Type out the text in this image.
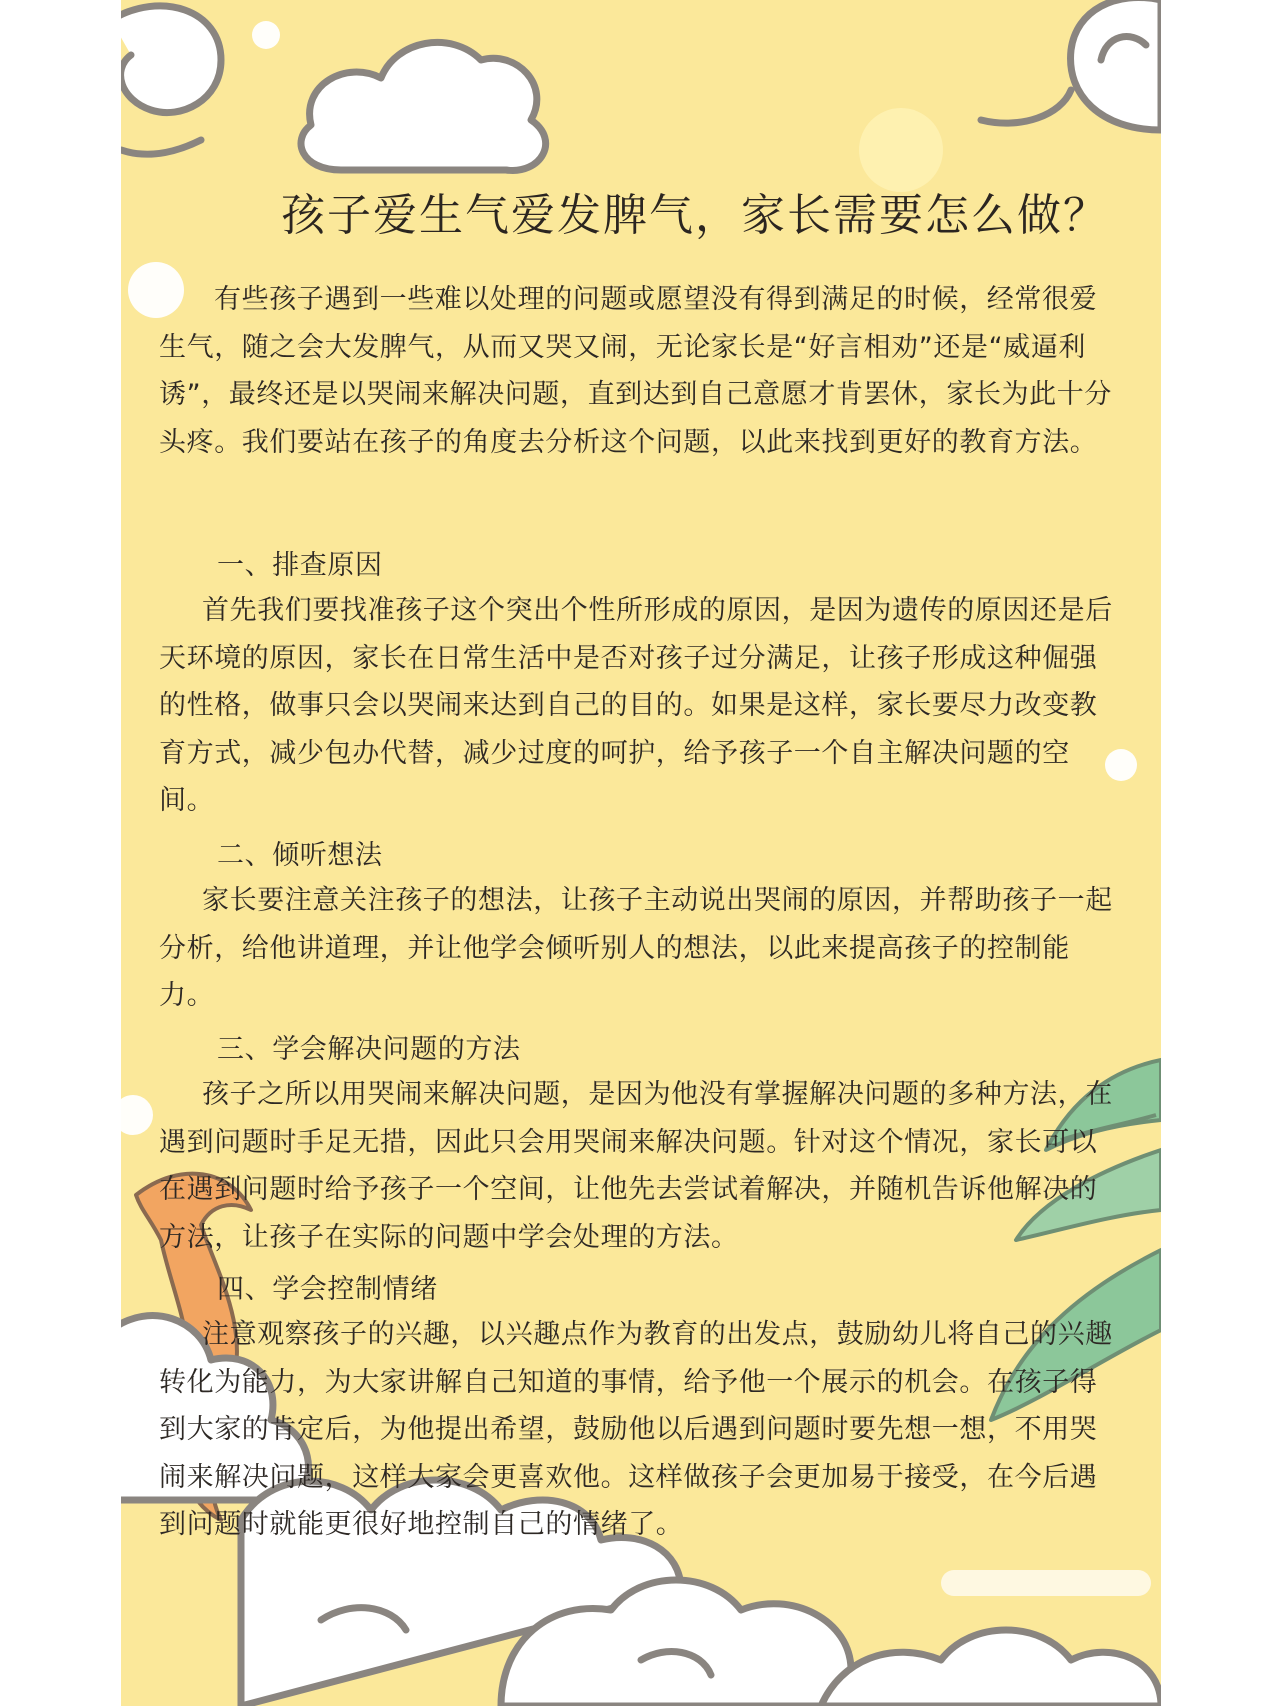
孩子爱生气爱发脾气，家长需要怎么做？
有些孩子遇到一些难以处理的问题或愿望没有得到满足的时候，经常很爱生气，随之会大发脾气，从而又哭又闹，无论家长是“好言相劝”还是“威逼利诱”，最终还是以哭闹来解决问题，直到达到自己意愿才肯罢休，家长为此十分头疼。我们要站在孩子的角度去分析这个问题，以此来找到更好的教育方法。
一、排查原因
首先我们要找准孩子这个突出个性所形成的原因，是因为遗传的原因还是后天环境的原因，家长在日常生活中是否对孩子过分满足，让孩子形成这种倔强的性格，做事只会以哭闹来达到自己的目的。如果是这样，家长要尽力改变教育方式，减少包办代替，减少过度的呵护，给予孩子一个自主解决问题的空间。
二、倾听想法
家长要注意关注孩子的想法，让孩子主动说出哭闹的原因，并帮助孩子一起分析，给他讲道理，并让他学会倾听别人的想法，以此来提高孩子的控制能力。
三、学会解决问题的方法
孩子之所以用哭闹来解决问题，是因为他没有掌握解决问题的多种方法，在遇到问题时手足无措，因此只会用哭闹来解决问题。针对这个情况，家长可以在遇到问题时给予孩子一个空间，让他先去尝试着解决，并随机告诉他解决的方法，让孩子在实际的问题中学会处理的方法。
四、学会控制情绪
注意观察孩子的兴趣，以兴趣点作为教育的出发点，鼓励幼儿将自己的兴趣转化为能力，为大家讲解自己知道的事情，给予他一个展示的机会。在孩子得到大家的肯定后，为他提出希望，鼓励他以后遇到问题时要先想一想，不用哭闹来解决问题，这样大家会更喜欢他。这样做孩子会更加易于接受，在今后遇到问题时就能更很好地控制自己的情绪了。
